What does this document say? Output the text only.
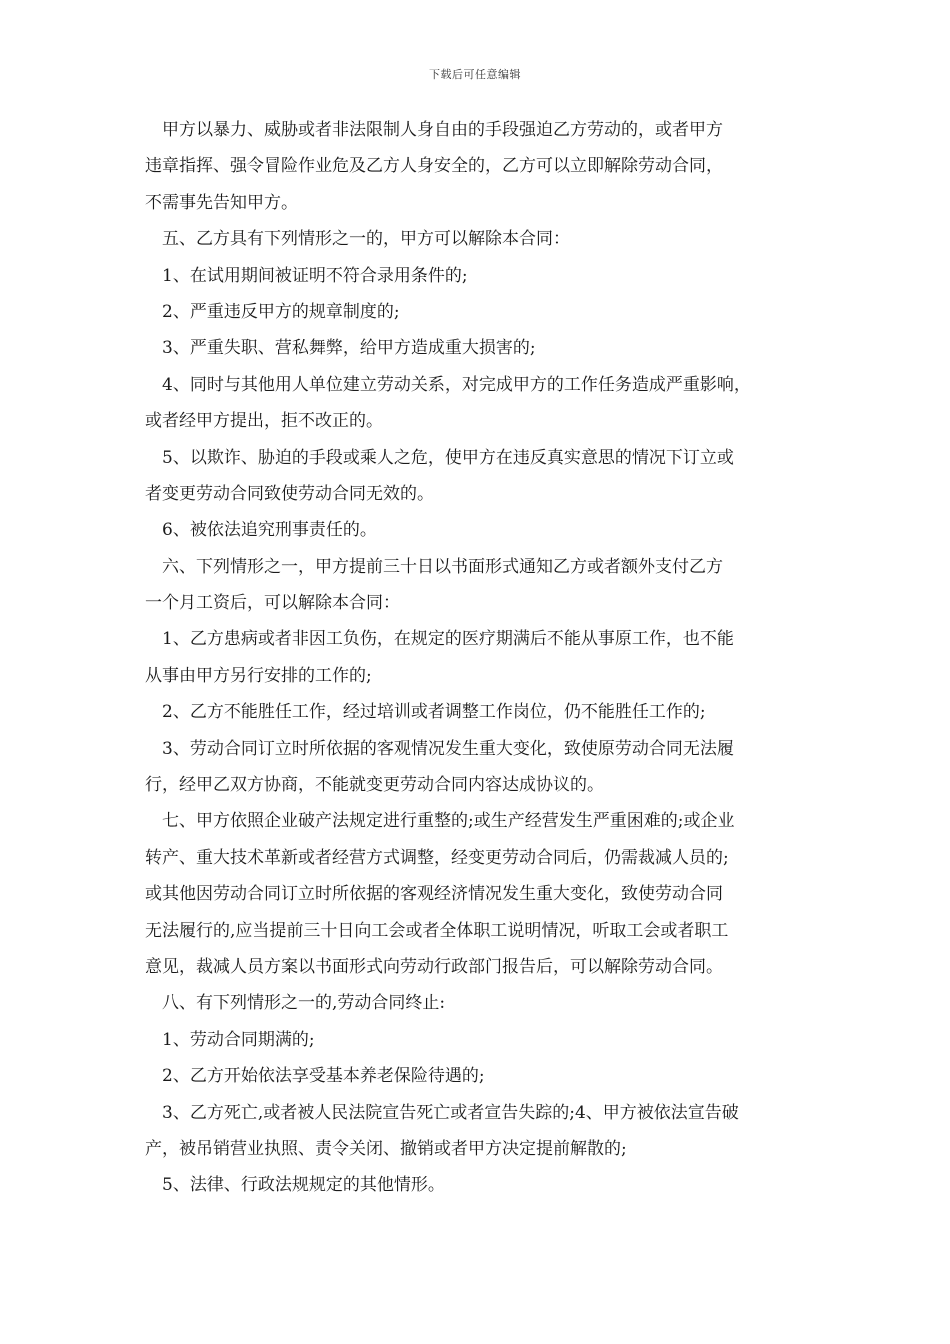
下载后可任意编辑
甲方以暴力、威胁或者非法限制人身自由的手段强迫乙方劳动的，或者甲方
违章指挥、强令冒险作业危及乙方人身安全的，乙方可以立即解除劳动合同，
不需事先告知甲方。
五、乙方具有下列情形之一的，甲方可以解除本合同：
1、在试用期间被证明不符合录用条件的;
2、严重违反甲方的规章制度的;
3、严重失职、营私舞弊，给甲方造成重大损害的;
4、同时与其他用人单位建立劳动关系，对完成甲方的工作任务造成严重影响，
或者经甲方提出，拒不改正的。
5、以欺诈、胁迫的手段或乘人之危，使甲方在违反真实意思的情况下订立或
者变更劳动合同致使劳动合同无效的。
6、被依法追究刑事责任的。
六、下列情形之一，甲方提前三十日以书面形式通知乙方或者额外支付乙方
一个月工资后，可以解除本合同：
1、乙方患病或者非因工负伤，在规定的医疗期满后不能从事原工作，也不能
从事由甲方另行安排的工作的;
2、乙方不能胜任工作，经过培训或者调整工作岗位，仍不能胜任工作的;
3、劳动合同订立时所依据的客观情况发生重大变化，致使原劳动合同无法履
行，经甲乙双方协商，不能就变更劳动合同内容达成协议的。
七、甲方依照企业破产法规定进行重整的;或生产经营发生严重困难的;或企业
转产、重大技术革新或者经营方式调整，经变更劳动合同后，仍需裁减人员的;
或其他因劳动合同订立时所依据的客观经济情况发生重大变化，致使劳动合同
无法履行的,应当提前三十日向工会或者全体职工说明情况，听取工会或者职工
意见，裁减人员方案以书面形式向劳动行政部门报告后，可以解除劳动合同。
八、有下列情形之一的,劳动合同终止:
1、劳动合同期满的;
2、乙方开始依法享受基本养老保险待遇的;
3、乙方死亡,或者被人民法院宣告死亡或者宣告失踪的;4、甲方被依法宣告破
产，被吊销营业执照、责令关闭、撤销或者甲方决定提前解散的;
5、法律、行政法规规定的其他情形。
